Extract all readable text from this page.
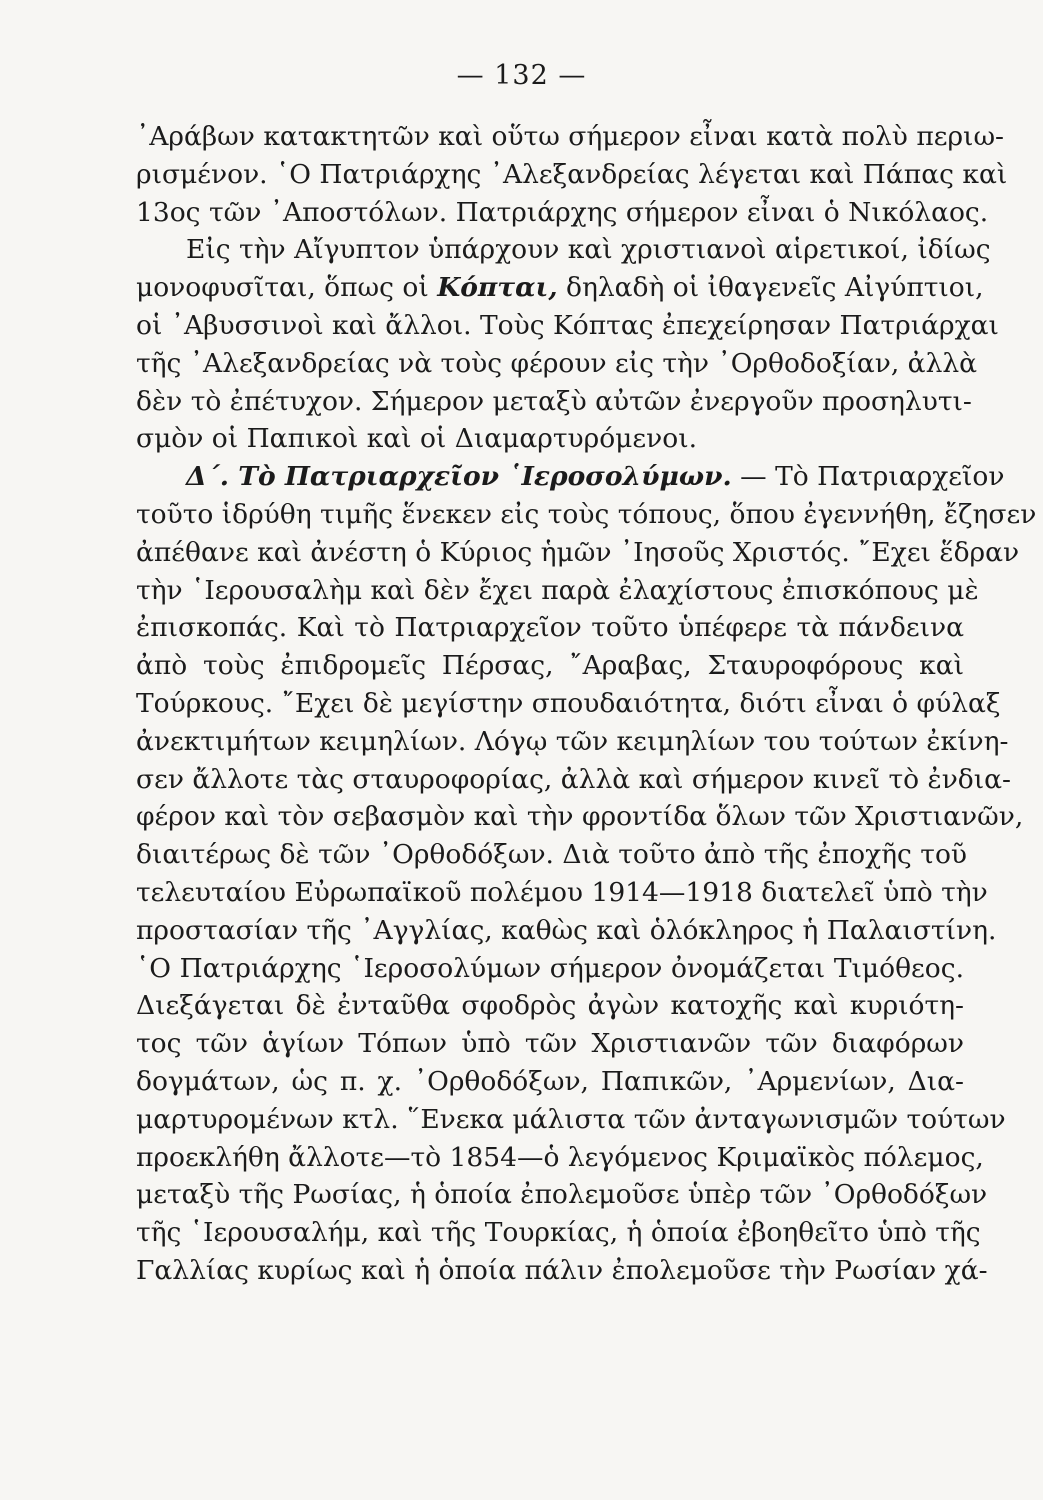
— 132 —
᾽Αράβων κατακτητῶν καὶ οὕτω σήμερον εἶναι κατὰ πολὺ περιω-
ρισμένον. ῾Ο Πατριάρχης ᾽Αλεξανδρείας λέγεται καὶ Πάπας καὶ
13ος τῶν ᾽Αποστόλων. Πατριάρχης σήμερον εἶναι ὁ Νικόλαος.
Εἰς τὴν Αἴγυπτον ὑπάρχουν καὶ χριστιανοὶ αἱρετικοί, ἰδίως
μονοφυσῖται, ὅπως οἱ Κόπται, δηλαδὴ οἱ ἰθαγενεῖς Αἰγύπτιοι,
οἱ ᾽Αβυσσινοὶ καὶ ἄλλοι. Τοὺς Κόπτας ἐπεχείρησαν Πατριάρχαι
τῆς ᾽Αλεξανδρείας νὰ τοὺς φέρουν εἰς τὴν ᾽Ορθοδοξίαν, ἀλλὰ
δὲν τὸ ἐπέτυχον. Σήμερον μεταξὺ αὐτῶν ἐνεργοῦν προσηλυτι-
σμὸν οἱ Παπικοὶ καὶ οἱ Διαμαρτυρόμενοι.
Δ΄. Τὸ Πατριαρχεῖον ῾Ιεροσολύμων. — Τὸ Πατριαρχεῖον
τοῦτο ἱδρύθη τιμῆς ἕνεκεν εἰς τοὺς τόπους, ὅπου ἐγεννήθη, ἔζησεν
ἀπέθανε καὶ ἀνέστη ὁ Κύριος ἡμῶν ᾽Ιησοῦς Χριστός. ῎Εχει ἕδραν
τὴν ῾Ιερουσαλὴμ καὶ δὲν ἔχει παρὰ ἐλαχίστους ἐπισκόπους μὲ
ἐπισκοπάς. Καὶ τὸ Πατριαρχεῖον τοῦτο ὑπέφερε τὰ πάνδεινα
ἀπὸ τοὺς ἐπιδρομεῖς Πέρσας, ῎Αραβας, Σταυροφόρους καὶ
Τούρκους. ῎Εχει δὲ μεγίστην σπουδαιότητα, διότι εἶναι ὁ φύλαξ
ἀνεκτιμήτων κειμηλίων. Λόγῳ τῶν κειμηλίων του τούτων ἐκίνη-
σεν ἄλλοτε τὰς σταυροφορίας, ἀλλὰ καὶ σήμερον κινεῖ τὸ ἐνδια-
φέρον καὶ τὸν σεβασμὸν καὶ τὴν φροντίδα ὅλων τῶν Χριστιανῶν,
διαιτέρως δὲ τῶν ᾽Ορθοδόξων. Διὰ τοῦτο ἀπὸ τῆς ἐποχῆς τοῦ
τελευταίου Εὐρωπαϊκοῦ πολέμου 1914—1918 διατελεῖ ὑπὸ τὴν
προστασίαν τῆς ᾽Αγγλίας, καθὼς καὶ ὁλόκληρος ἡ Παλαιστίνη.
῾Ο Πατριάρχης ῾Ιεροσολύμων σήμερον ὀνομάζεται Τιμόθεος.
Διεξάγεται δὲ ἐνταῦθα σφοδρὸς ἀγὼν κατοχῆς καὶ κυριότη-
τος τῶν ἁγίων Τόπων ὑπὸ τῶν Χριστιανῶν τῶν διαφόρων
δογμάτων, ὡς π. χ. ᾽Ορθοδόξων, Παπικῶν, ᾽Αρμενίων, Δια-
μαρτυρομένων κτλ. ῞Ενεκα μάλιστα τῶν ἀνταγωνισμῶν τούτων
προεκλήθη ἄλλοτε—τὸ 1854—ὁ λεγόμενος Κριμαϊκὸς πόλεμος,
μεταξὺ τῆς Ρωσίας, ἡ ὁποία ἐπολεμοῦσε ὑπὲρ τῶν ᾽Ορθοδόξων
τῆς ῾Ιερουσαλήμ, καὶ τῆς Τουρκίας, ἡ ὁποία ἐβοηθεῖτο ὑπὸ τῆς
Γαλλίας κυρίως καὶ ἡ ὁποία πάλιν ἐπολεμοῦσε τὴν Ρωσίαν χά-
